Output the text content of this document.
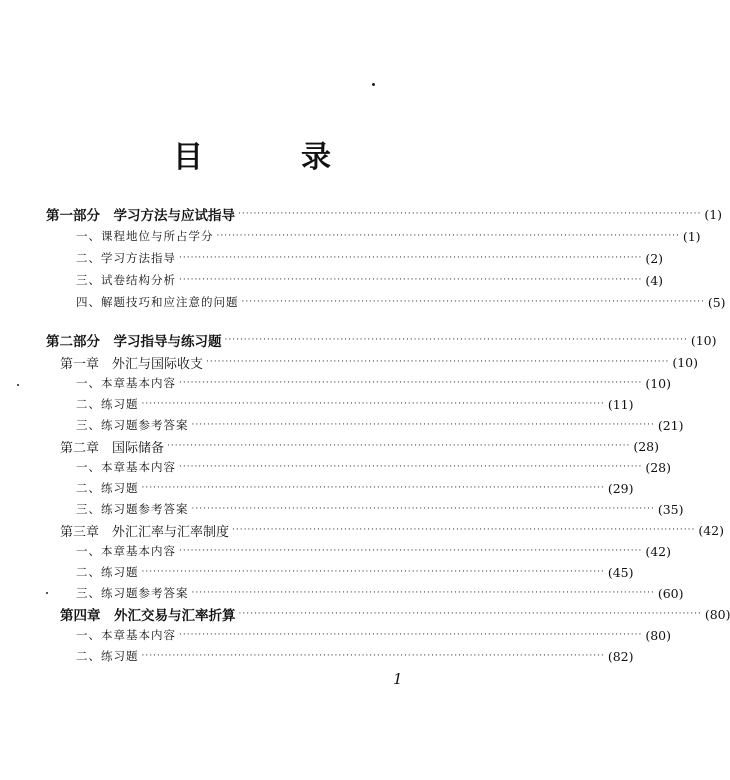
目　录
第一部分　学习方法与应试指导 ························································································································ (1)
一、课程地位与所占学分 ························································································································ (1)
二、学习方法指导 ························································································································ (2)
三、试卷结构分析 ························································································································ (4)
四、解题技巧和应注意的问题 ························································································································ (5)
第二部分　学习指导与练习题 ························································································································ (10)
第一章　外汇与国际收支 ························································································································ (10)
一、本章基本内容 ························································································································ (10)
二、练习题 ························································································································ (11)
三、练习题参考答案 ························································································································ (21)
第二章　国际储备 ························································································································ (28)
一、本章基本内容 ························································································································ (28)
二、练习题 ························································································································ (29)
三、练习题参考答案 ························································································································ (35)
第三章　外汇汇率与汇率制度 ························································································································ (42)
一、本章基本内容 ························································································································ (42)
二、练习题 ························································································································ (45)
三、练习题参考答案 ························································································································ (60)
第四章　外汇交易与汇率折算 ························································································································ (80)
一、本章基本内容 ························································································································ (80)
二、练习题 ························································································································ (82)
1
